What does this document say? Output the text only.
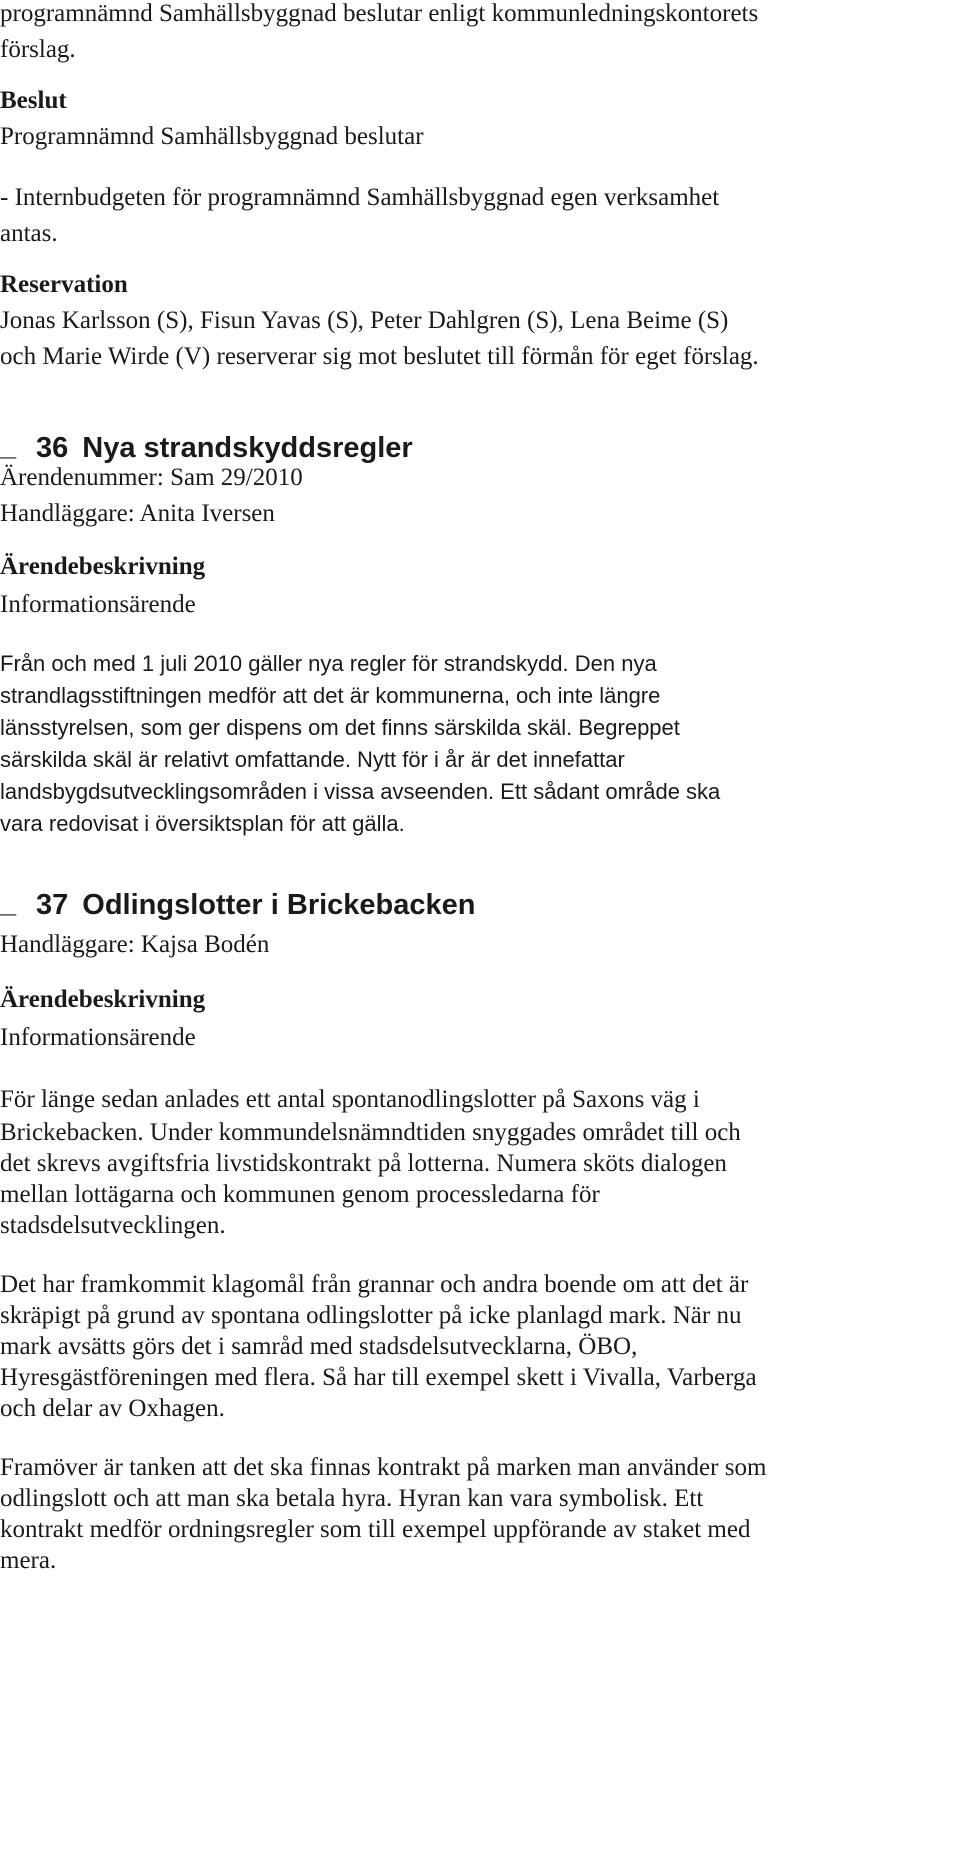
programnämnd Samhällsbyggnad beslutar enligt kommunledningskontorets
förslag.
Beslut
Programnämnd Samhällsbyggnad beslutar
- Internbudgeten för programnämnd Samhällsbyggnad egen verksamhet
antas.
Reservation
Jonas Karlsson (S), Fisun Yavas (S), Peter Dahlgren (S), Lena Beime (S)
och Marie Wirde (V) reserverar sig mot beslutet till förmån för eget förslag.
_ 36 Nya strandskyddsregler
Ärendenummer: Sam 29/2010
Handläggare: Anita Iversen
Ärendebeskrivning
Informationsärende
Från och med 1 juli 2010 gäller nya regler för strandskydd. Den nya
strandlagsstiftningen medför att det är kommunerna, och inte längre
länsstyrelsen, som ger dispens om det finns särskilda skäl. Begreppet
särskilda skäl är relativt omfattande. Nytt för i år är det innefattar
landsbygdsutvecklingsområden i vissa avseenden. Ett sådant område ska
vara redovisat i översiktsplan för att gälla.
_ 37 Odlingslotter i Brickebacken
Handläggare: Kajsa Bodén
Ärendebeskrivning
Informationsärende
För länge sedan anlades ett antal spontanodlingslotter på Saxons väg i
Brickebacken. Under kommundelsnämndtiden snyggades området till och
det skrevs avgiftsfria livstidskontrakt på lotterna. Numera sköts dialogen
mellan lottägarna och kommunen genom processledarna för
stadsdelsutvecklingen.
Det har framkommit klagomål från grannar och andra boende om att det är
skräpigt på grund av spontana odlingslotter på icke planlagd mark. När nu
mark avsätts görs det i samråd med stadsdelsutvecklarna, ÖBO,
Hyresgästföreningen med flera. Så har till exempel skett i Vivalla, Varberga
och delar av Oxhagen.
Framöver är tanken att det ska finnas kontrakt på marken man använder som
odlingslott och att man ska betala hyra. Hyran kan vara symbolisk. Ett
kontrakt medför ordningsregler som till exempel uppförande av staket med
mera.
